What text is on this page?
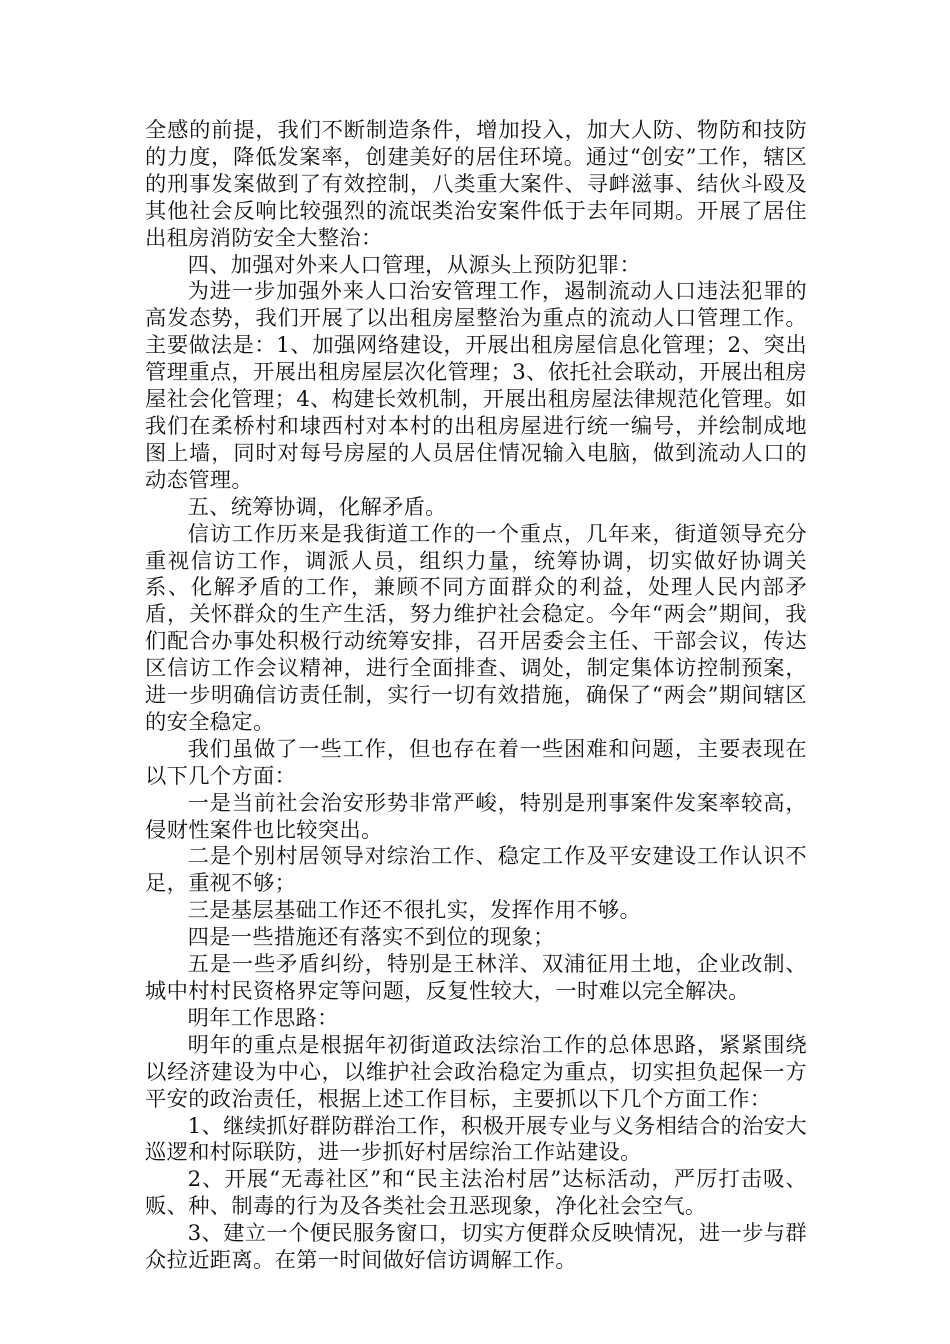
全感的前提，我们不断制造条件，增加投入，加大人防、物防和技防的力度，降低发案率，创建美好的居住环境。通过“创安”工作，辖区的刑事发案做到了有效控制，八类重大案件、寻衅滋事、结伙斗殴及其他社会反响比较强烈的流氓类治安案件低于去年同期。开展了居住出租房消防安全大整治：

四、加强对外来人口管理，从源头上预防犯罪：

为进一步加强外来人口治安管理工作，遏制流动人口违法犯罪的高发态势，我们开展了以出租房屋整治为重点的流动人口管理工作。主要做法是：1、加强网络建设，开展出租房屋信息化管理；2、突出管理重点，开展出租房屋层次化管理；3、依托社会联动，开展出租房屋社会化管理；4、构建长效机制，开展出租房屋法律规范化管理。如我们在柔桥村和埭西村对本村的出租房屋进行统一编号，并绘制成地图上墙，同时对每号房屋的人员居住情况输入电脑，做到流动人口的动态管理。

五、统筹协调，化解矛盾。

信访工作历来是我街道工作的一个重点，几年来，街道领导充分重视信访工作，调派人员，组织力量，统筹协调，切实做好协调关系、化解矛盾的工作，兼顾不同方面群众的利益，处理人民内部矛盾，关怀群众的生产生活，努力维护社会稳定。今年“两会”期间，我们配合办事处积极行动统筹安排，召开居委会主任、干部会议，传达区信访工作会议精神，进行全面排查、调处，制定集体访控制预案，进一步明确信访责任制，实行一切有效措施，确保了“两会”期间辖区的安全稳定。

我们虽做了一些工作，但也存在着一些困难和问题，主要表现在以下几个方面：

一是当前社会治安形势非常严峻，特别是刑事案件发案率较高，侵财性案件也比较突出。

二是个别村居领导对综治工作、稳定工作及平安建设工作认识不足，重视不够；

三是基层基础工作还不很扎实，发挥作用不够。

四是一些措施还有落实不到位的现象；

五是一些矛盾纠纷，特别是王林洋、双浦征用土地，企业改制、城中村村民资格界定等问题，反复性较大，一时难以完全解决。

明年工作思路：

明年的重点是根据年初街道政法综治工作的总体思路，紧紧围绕以经济建设为中心，以维护社会政治稳定为重点，切实担负起保一方平安的政治责任，根据上述工作目标，主要抓以下几个方面工作：

1、继续抓好群防群治工作，积极开展专业与义务相结合的治安大巡逻和村际联防，进一步抓好村居综治工作站建设。

2、开展“无毒社区”和“民主法治村居”达标活动，严厉打击吸、贩、种、制毒的行为及各类社会丑恶现象，净化社会空气。

3、建立一个便民服务窗口，切实方便群众反映情况，进一步与群众拉近距离。在第一时间做好信访调解工作。
